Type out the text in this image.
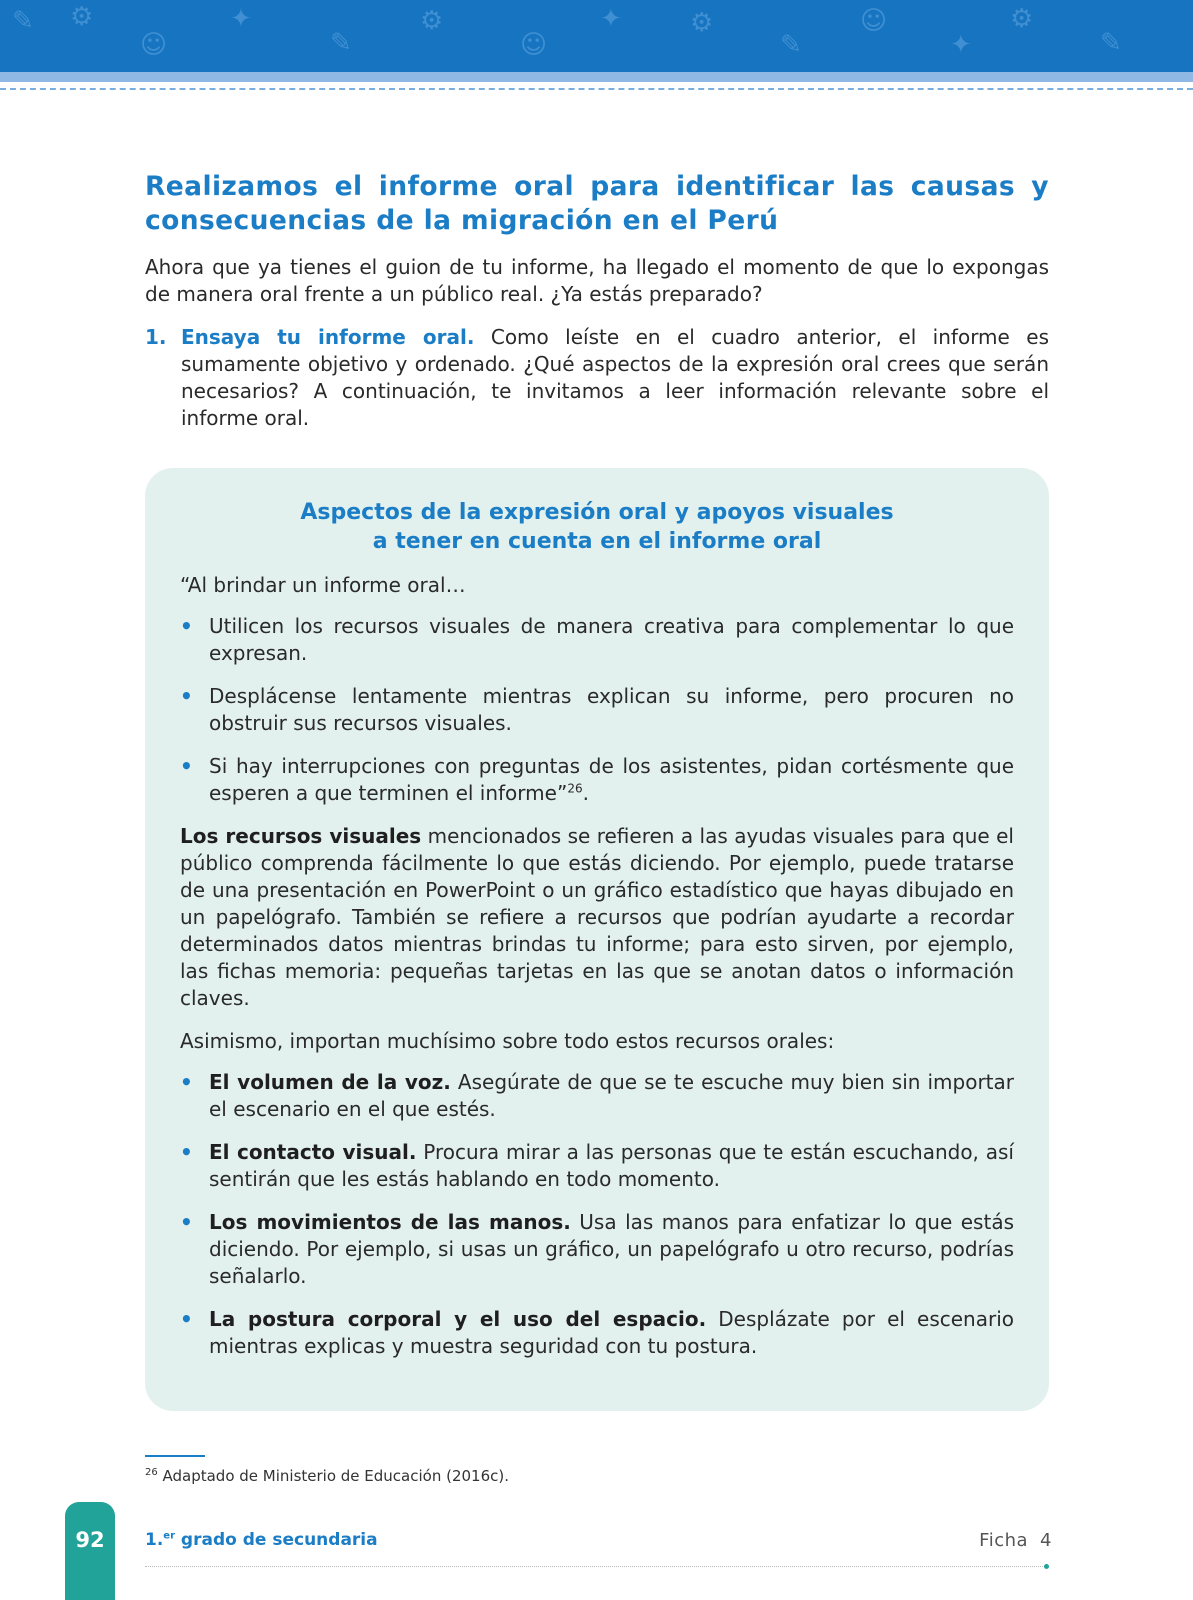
✎ ⚙
☺
✦
✎
⚙
☺
✦	⚙
✎
☺
✦
⚙
✎
Realizamos el informe oral para identificar las causas y consecuencias de la migración en el Perú

Ahora que ya tienes el guion de tu informe, ha llegado el momento de que lo expongas de manera oral frente a un público real. ¿Ya estás preparado?

1. Ensaya tu informe oral. Como leíste en el cuadro anterior, el informe es sumamente objetivo y ordenado. ¿Qué aspectos de la expresión oral crees que serán necesarios? A continuación, te invitamos a leer información relevante sobre el informe oral.
Aspectos de la expresión oral y apoyos visuales
a tener en cuenta en el informe oral

“Al brindar un informe oral…

• Utilicen los recursos visuales de manera creativa para complementar lo que expresan.
• Desplácense lentamente mientras explican su informe, pero procuren no obstruir sus recursos visuales.
• Si hay interrupciones con preguntas de los asistentes, pidan cortésmente que esperen a que terminen el informe”$^{26}$.

Los recursos visuales mencionados se refieren a las ayudas visuales para que el público comprenda fácilmente lo que estás diciendo. Por ejemplo, puede tratarse de una presentación en PowerPoint o un gráfico estadístico que hayas dibujado en un papelógrafo. También se refiere a recursos que podrían ayudarte a recordar determinados datos mientras brindas tu informe; para esto sirven, por ejemplo, las fichas memoria: pequeñas tarjetas en las que se anotan datos o información claves.

Asimismo, importan muchísimo sobre todo estos recursos orales:

• El volumen de la voz. Asegúrate de que se te escuche muy bien sin importar el escenario en el que estés.
• El contacto visual. Procura mirar a las personas que te están escuchando, así sentirán que les estás hablando en todo momento.
• Los movimientos de las manos. Usa las manos para enfatizar lo que estás diciendo. Por ejemplo, si usas un gráfico, un papelógrafo u otro recurso, podrías señalarlo.
• La postura corporal y el uso del espacio. Desplázate por el escenario mientras explicas y muestra seguridad con tu postura.
$^{26}$ Adaptado de Ministerio de Educación (2016c).
92	1.$^{er}$ grado de secundaria	Ficha 4
